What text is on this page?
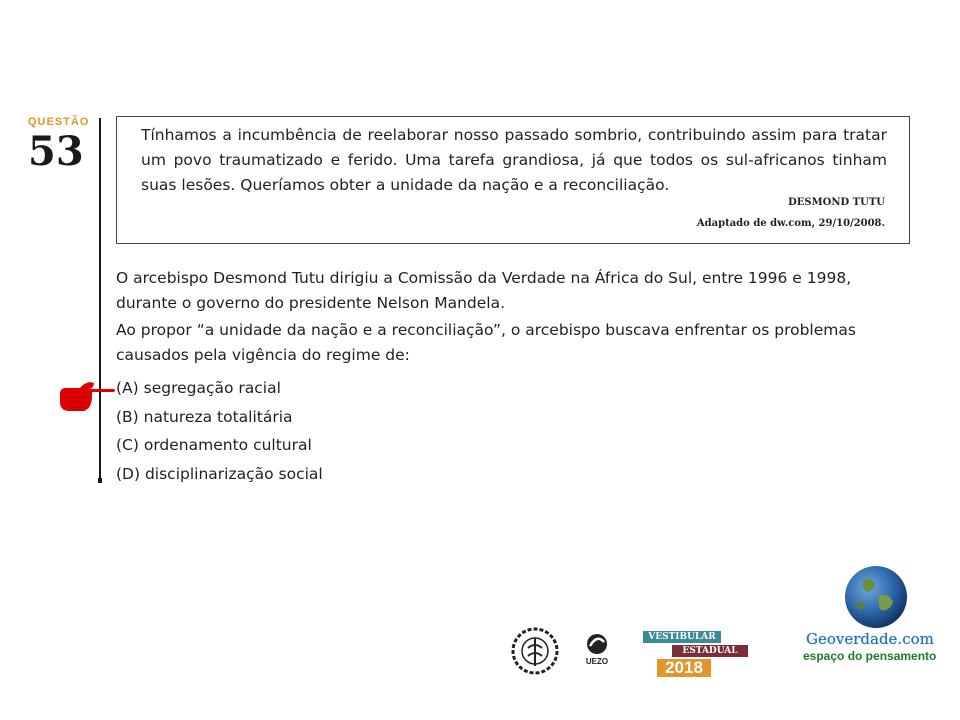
QUESTÃO
53	Tínhamos a incumbência de reelaborar nosso passado sombrio, contribuindo assim para tratar um povo traumatizado e ferido. Uma tarefa grandiosa, já que todos os sul-africanos tinham suas lesões. Queríamos obter a unidade da nação e a reconciliação.

DESMOND TUTU
Adaptado de dw.com, 29/10/2008.

O arcebispo Desmond Tutu dirigiu a Comissão da Verdade na África do Sul, entre 1996 e 1998, durante o governo do presidente Nelson Mandela.

Ao propor “a unidade da nação e a reconciliação”, o arcebispo buscava enfrentar os problemas causados pela vigência do regime de:

(A) segregação racial
(B) natureza totalitária
(C) ordenamento cultural
(D) disciplinarização social
UEZO
VESTIBULAR
ESTADUAL
2018
Geoverdade.com
espaço do pensamento
